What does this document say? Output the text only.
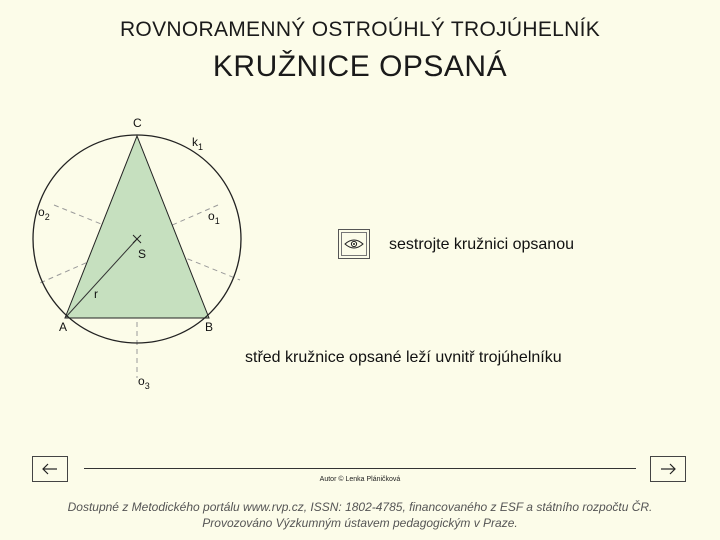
ROVNORAMENNÝ OSTROÚHLÝ TROJÚHELNÍK
KRUŽNICE OPSANÁ
C
$k_1$
$o_2$	$o_1$
S
r
A	B
$o_3$
sestrojte kružnici opsanou
střed kružnice opsané leží uvnitř trojúhelníku
Autor © Lenka Pláničková
Dostupné z Metodického portálu www.rvp.cz, ISSN: 1802-4785, financovaného z ESF a státního rozpočtu ČR.
Provozováno Výzkumným ústavem pedagogickým v Praze.
